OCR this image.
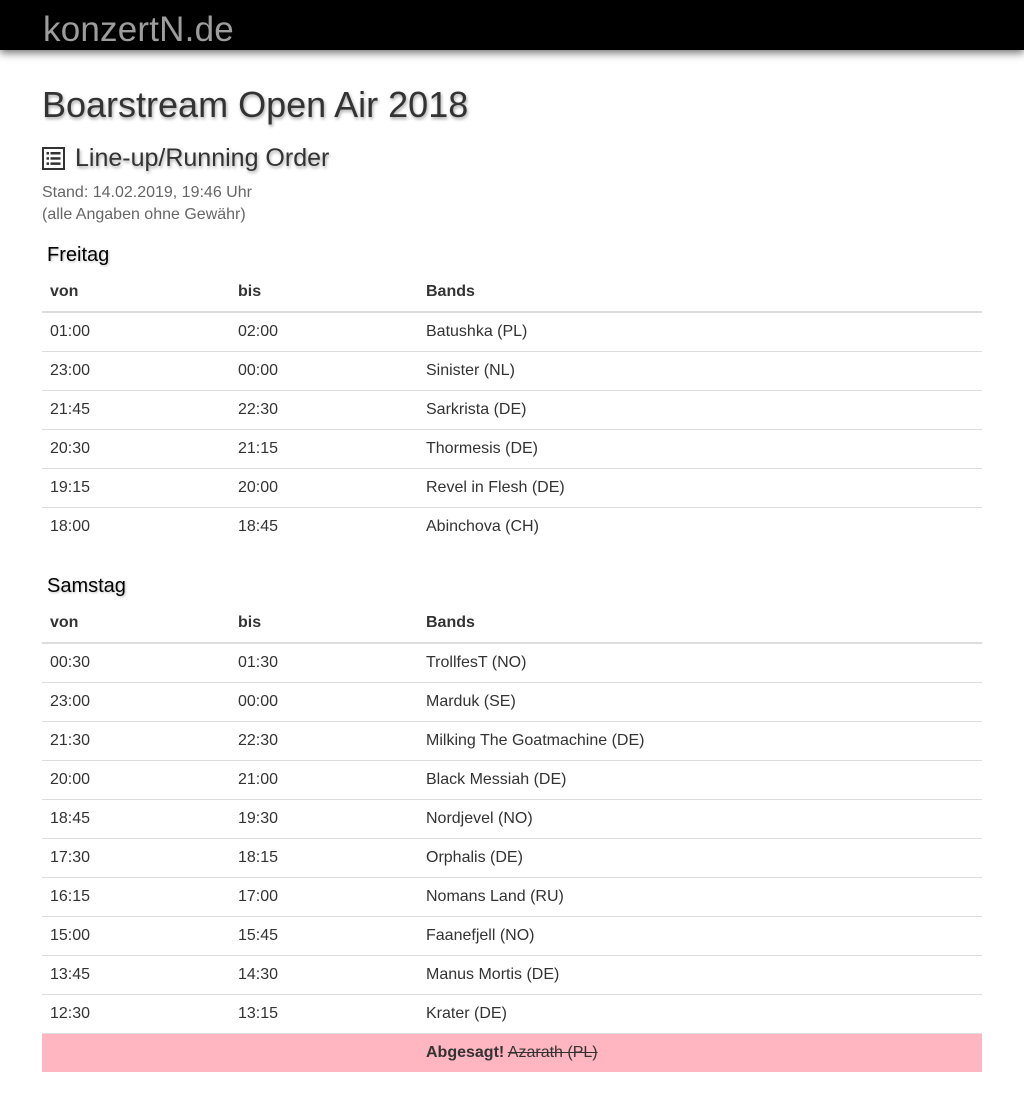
konzertN.de
Boarstream Open Air 2018
Line-up/Running Order
Stand: 14.02.2019, 19:46 Uhr
(alle Angaben ohne Gewähr)
Freitag
von	bis	Bands
01:00	02:00	Batushka (PL)
23:00	00:00	Sinister (NL)
21:45	22:30	Sarkrista (DE)
20:30	21:15	Thormesis (DE)
19:15	20:00	Revel in Flesh (DE)
18:00	18:45	Abinchova (CH)
Samstag
von	bis	Bands
00:30	01:30	TrollfesT (NO)
23:00	00:00	Marduk (SE)
21:30	22:30	Milking The Goatmachine (DE)
20:00	21:00	Black Messiah (DE)
18:45	19:30	Nordjevel (NO)
17:30	18:15	Orphalis (DE)
16:15	17:00	Nomans Land (RU)
15:00	15:45	Faanefjell (NO)
13:45	14:30	Manus Mortis (DE)
12:30	13:15	Krater (DE)
		Abgesagt! Azarath (PL)
